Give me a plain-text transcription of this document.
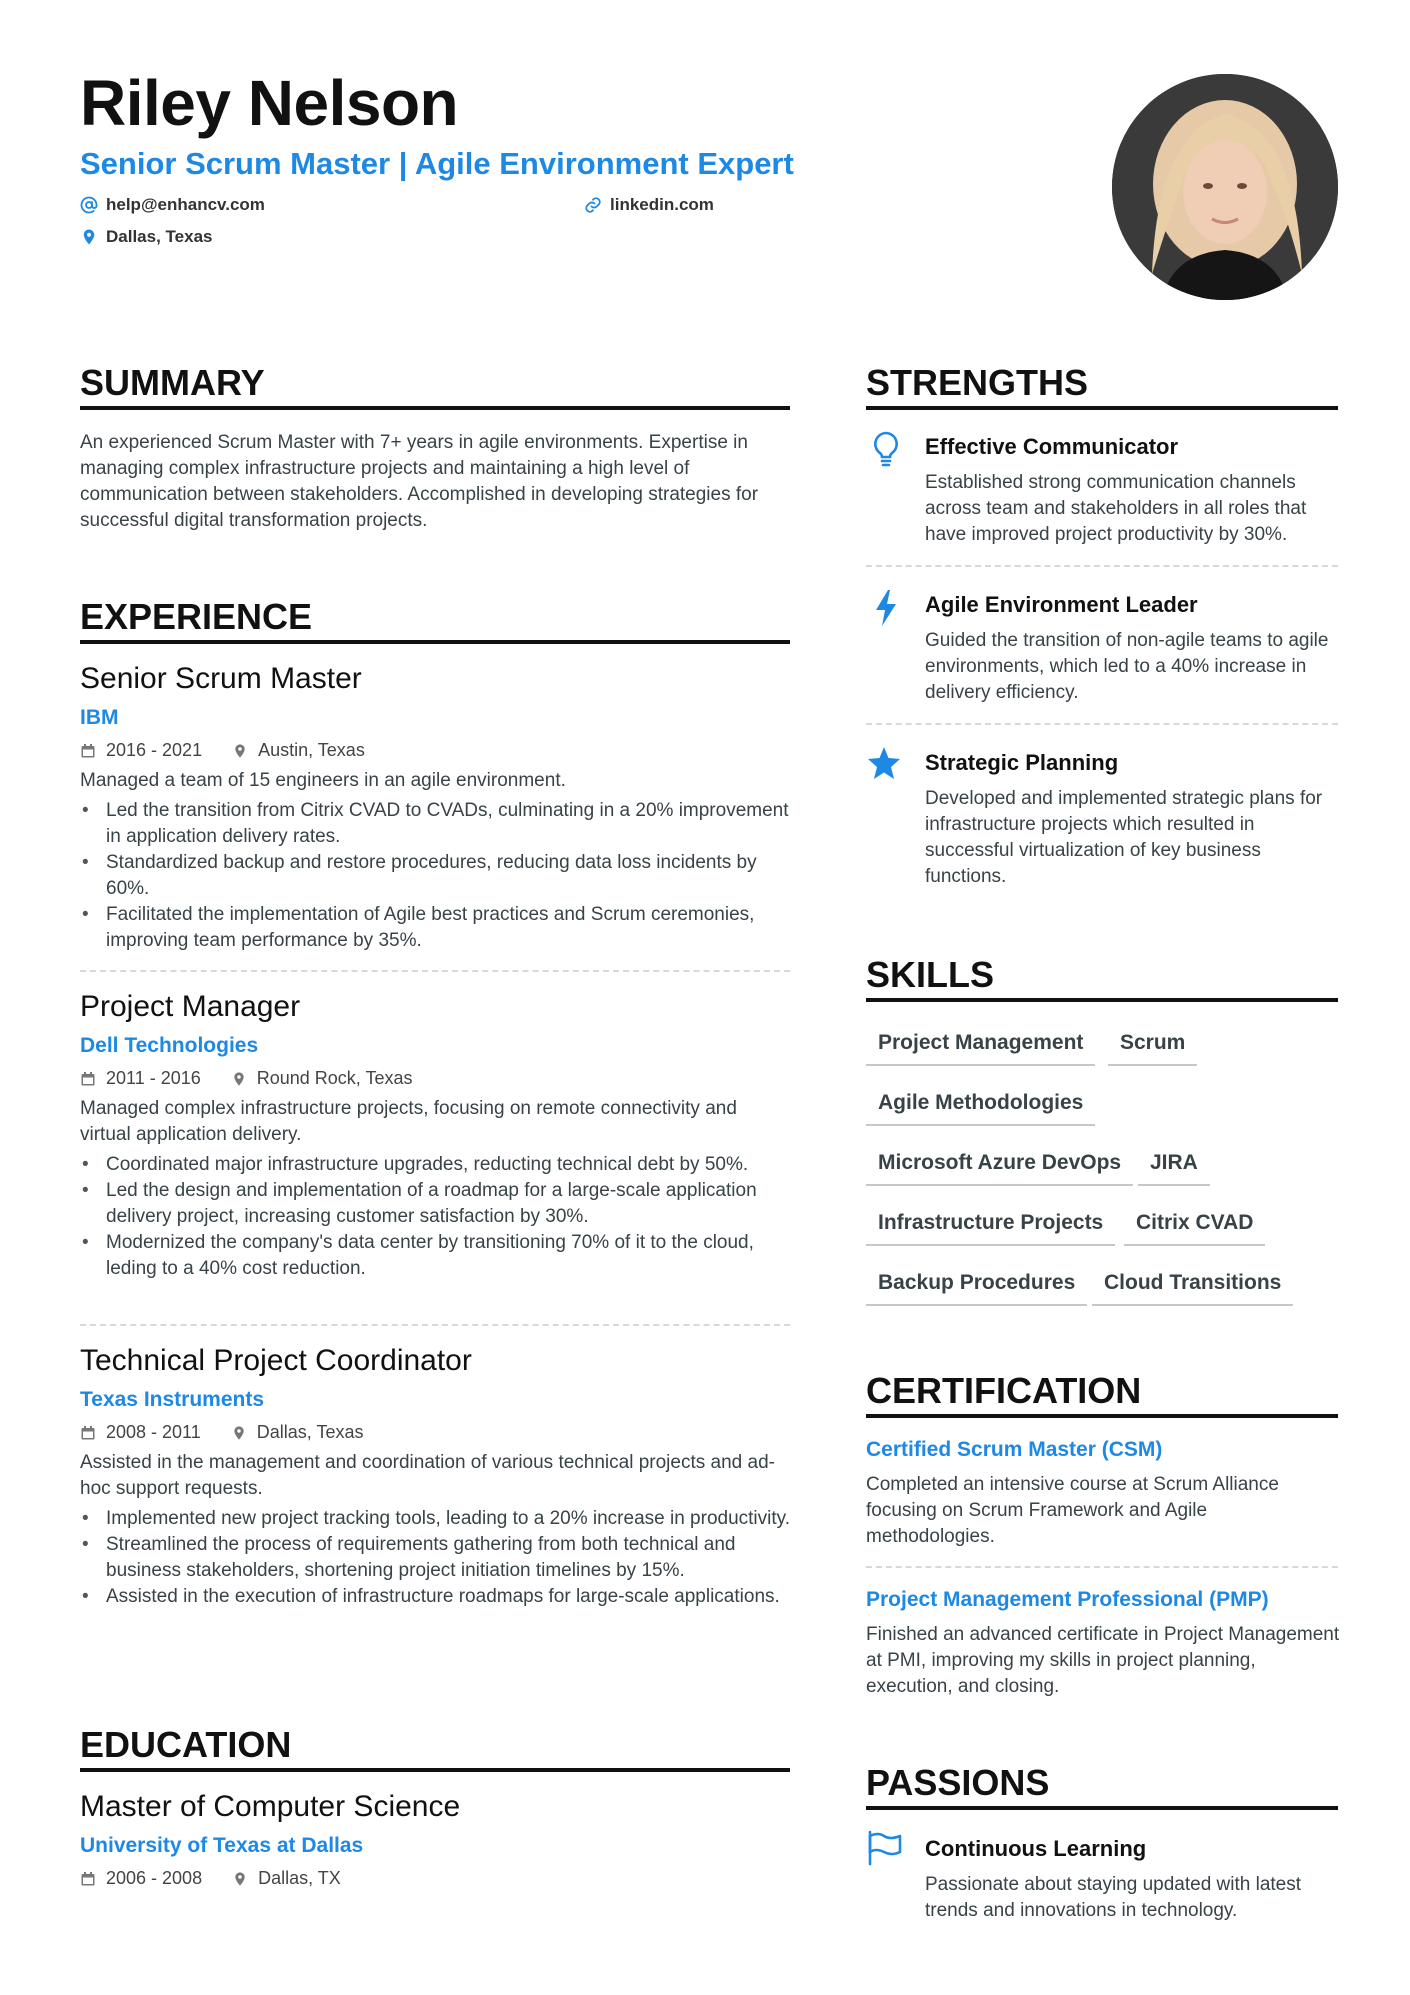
Riley Nelson
Senior Scrum Master | Agile Environment Expert
help@enhancv.com	linkedin.com
Dallas, Texas
SUMMARY
An experienced Scrum Master with 7+ years in agile environments. Expertise in managing complex infrastructure projects and maintaining a high level of communication between stakeholders. Accomplished in developing strategies for successful digital transformation projects.
EXPERIENCE
Senior Scrum Master
IBM
2016 - 2021	Austin, Texas
Managed a team of 15 engineers in an agile environment.
• Led the transition from Citrix CVAD to CVADs, culminating in a 20% improvement in application delivery rates.
• Standardized backup and restore procedures, reducing data loss incidents by 60%.
• Facilitated the implementation of Agile best practices and Scrum ceremonies, improving team performance by 35%.
Project Manager
Dell Technologies
2011 - 2016	Round Rock, Texas
Managed complex infrastructure projects, focusing on remote connectivity and virtual application delivery.
• Coordinated major infrastructure upgrades, reducting technical debt by 50%.
• Led the design and implementation of a roadmap for a large-scale application delivery project, increasing customer satisfaction by 30%.
• Modernized the company's data center by transitioning 70% of it to the cloud, leding to a 40% cost reduction.
Technical Project Coordinator
Texas Instruments
2008 - 2011	Dallas, Texas
Assisted in the management and coordination of various technical projects and ad-hoc support requests.
• Implemented new project tracking tools, leading to a 20% increase in productivity.
• Streamlined the process of requirements gathering from both technical and business stakeholders, shortening project initiation timelines by 15%.
• Assisted in the execution of infrastructure roadmaps for large-scale applications.
EDUCATION
Master of Computer Science
University of Texas at Dallas
2006 - 2008	Dallas, TX
STRENGTHS
Effective Communicator
Established strong communication channels across team and stakeholders in all roles that have improved project productivity by 30%.
Agile Environment Leader
Guided the transition of non-agile teams to agile environments, which led to a 40% increase in delivery efficiency.
Strategic Planning
Developed and implemented strategic plans for infrastructure projects which resulted in successful virtualization of key business functions.
SKILLS
Project Management	Scrum
Agile Methodologies
Microsoft Azure DevOps	JIRA
Infrastructure Projects	Citrix CVAD
Backup Procedures	Cloud Transitions
CERTIFICATION
Certified Scrum Master (CSM)
Completed an intensive course at Scrum Alliance focusing on Scrum Framework and Agile methodologies.
Project Management Professional (PMP)
Finished an advanced certificate in Project Management at PMI, improving my skills in project planning, execution, and closing.
PASSIONS
Continuous Learning
Passionate about staying updated with latest trends and innovations in technology.
